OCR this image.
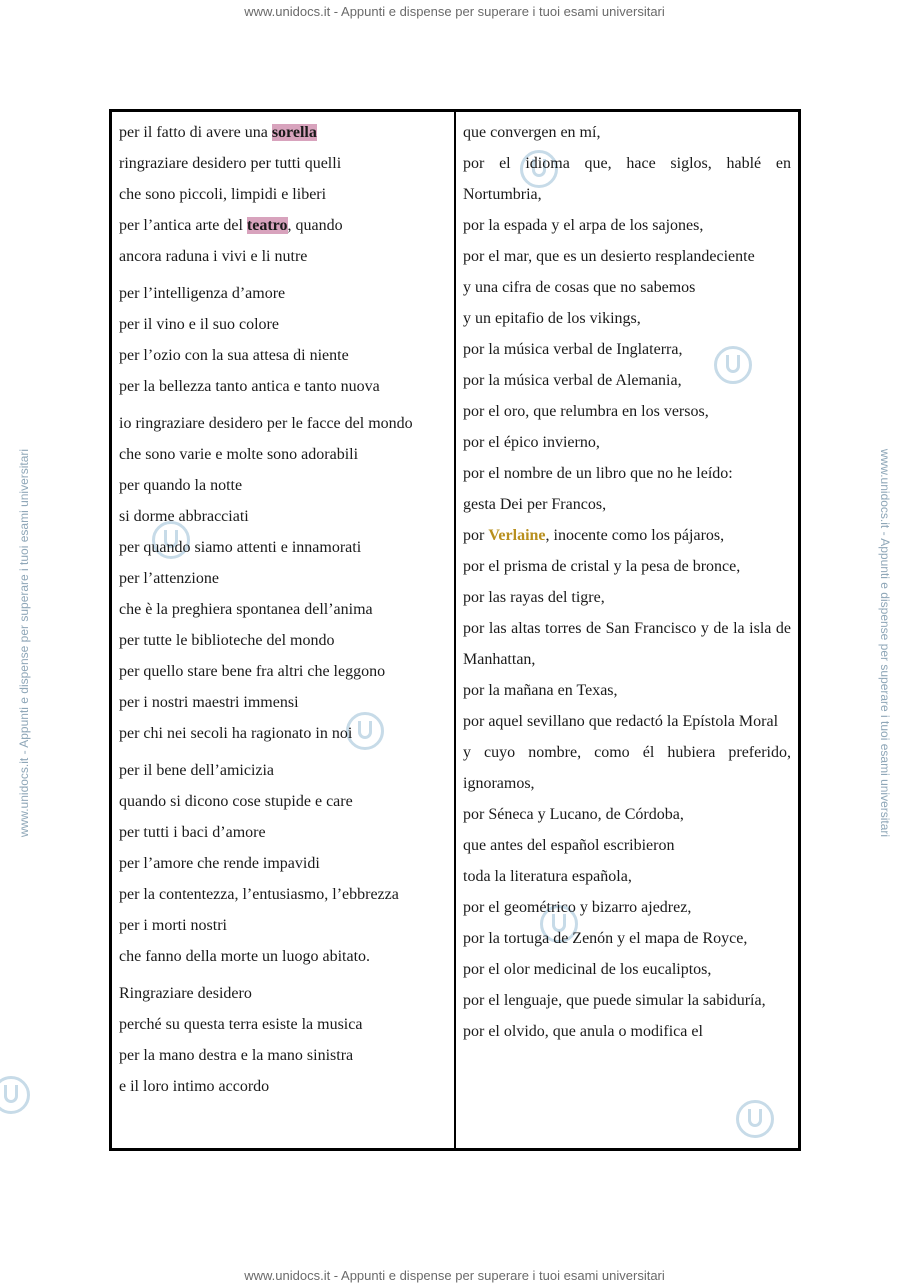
www.unidocs.it - Appunti e dispense per superare i tuoi esami universitari
www.unidocs.it - Appunti e dispense per superare i tuoi esami universitari	www.unidocs.it - Appunti e dispense per superare i tuoi esami universitari
per il fatto di avere una sorella
ringraziare desidero per tutti quelli
che sono piccoli, limpidi e liberi
per l’antica arte del teatro, quando
ancora raduna i vivi e li nutre
per l’intelligenza d’amore
per il vino e il suo colore
per l’ozio con la sua attesa di niente
per la bellezza tanto antica e tanto nuova
io ringraziare desidero per le facce del mondo
che sono varie e molte sono adorabili
per quando la notte
si dorme abbracciati
per quando siamo attenti e innamorati
per l’attenzione
che è la preghiera spontanea dell’anima
per tutte le biblioteche del mondo
per quello stare bene fra altri che leggono
per i nostri maestri immensi
per chi nei secoli ha ragionato in noi
per il bene dell’amicizia
quando si dicono cose stupide e care
per tutti i baci d’amore
per l’amore che rende impavidi
per la contentezza, l’entusiasmo, l’ebbrezza
per i morti nostri
che fanno della morte un luogo abitato.
Ringraziare desidero
perché su questa terra esiste la musica
per la mano destra e la mano sinistra
e il loro intimo accordo
que convergen en mí,
por el idioma que, hace siglos, hablé en Nortumbria,
por la espada y el arpa de los sajones,
por el mar, que es un desierto resplandeciente
y una cifra de cosas que no sabemos
y un epitafio de los vikings,
por la música verbal de Inglaterra,
por la música verbal de Alemania,
por el oro, que relumbra en los versos,
por el épico invierno,
por el nombre de un libro que no he leído:
gesta Dei per Francos,
por Verlaine, inocente como los pájaros,
por el prisma de cristal y la pesa de bronce,
por las rayas del tigre,
por las altas torres de San Francisco y de la isla de Manhattan,
por la mañana en Texas,
por aquel sevillano que redactó la Epístola Moral
y cuyo nombre, como él hubiera preferido, ignoramos,
por Séneca y Lucano, de Córdoba,
que antes del español escribieron
toda la literatura española,
por el geométrico y bizarro ajedrez,
por la tortuga de Zenón y el mapa de Royce,
por el olor medicinal de los eucaliptos,
por el lenguaje, que puede simular la sabiduría,
por el olvido, que anula o modifica el
www.unidocs.it - Appunti e dispense per superare i tuoi esami universitari
